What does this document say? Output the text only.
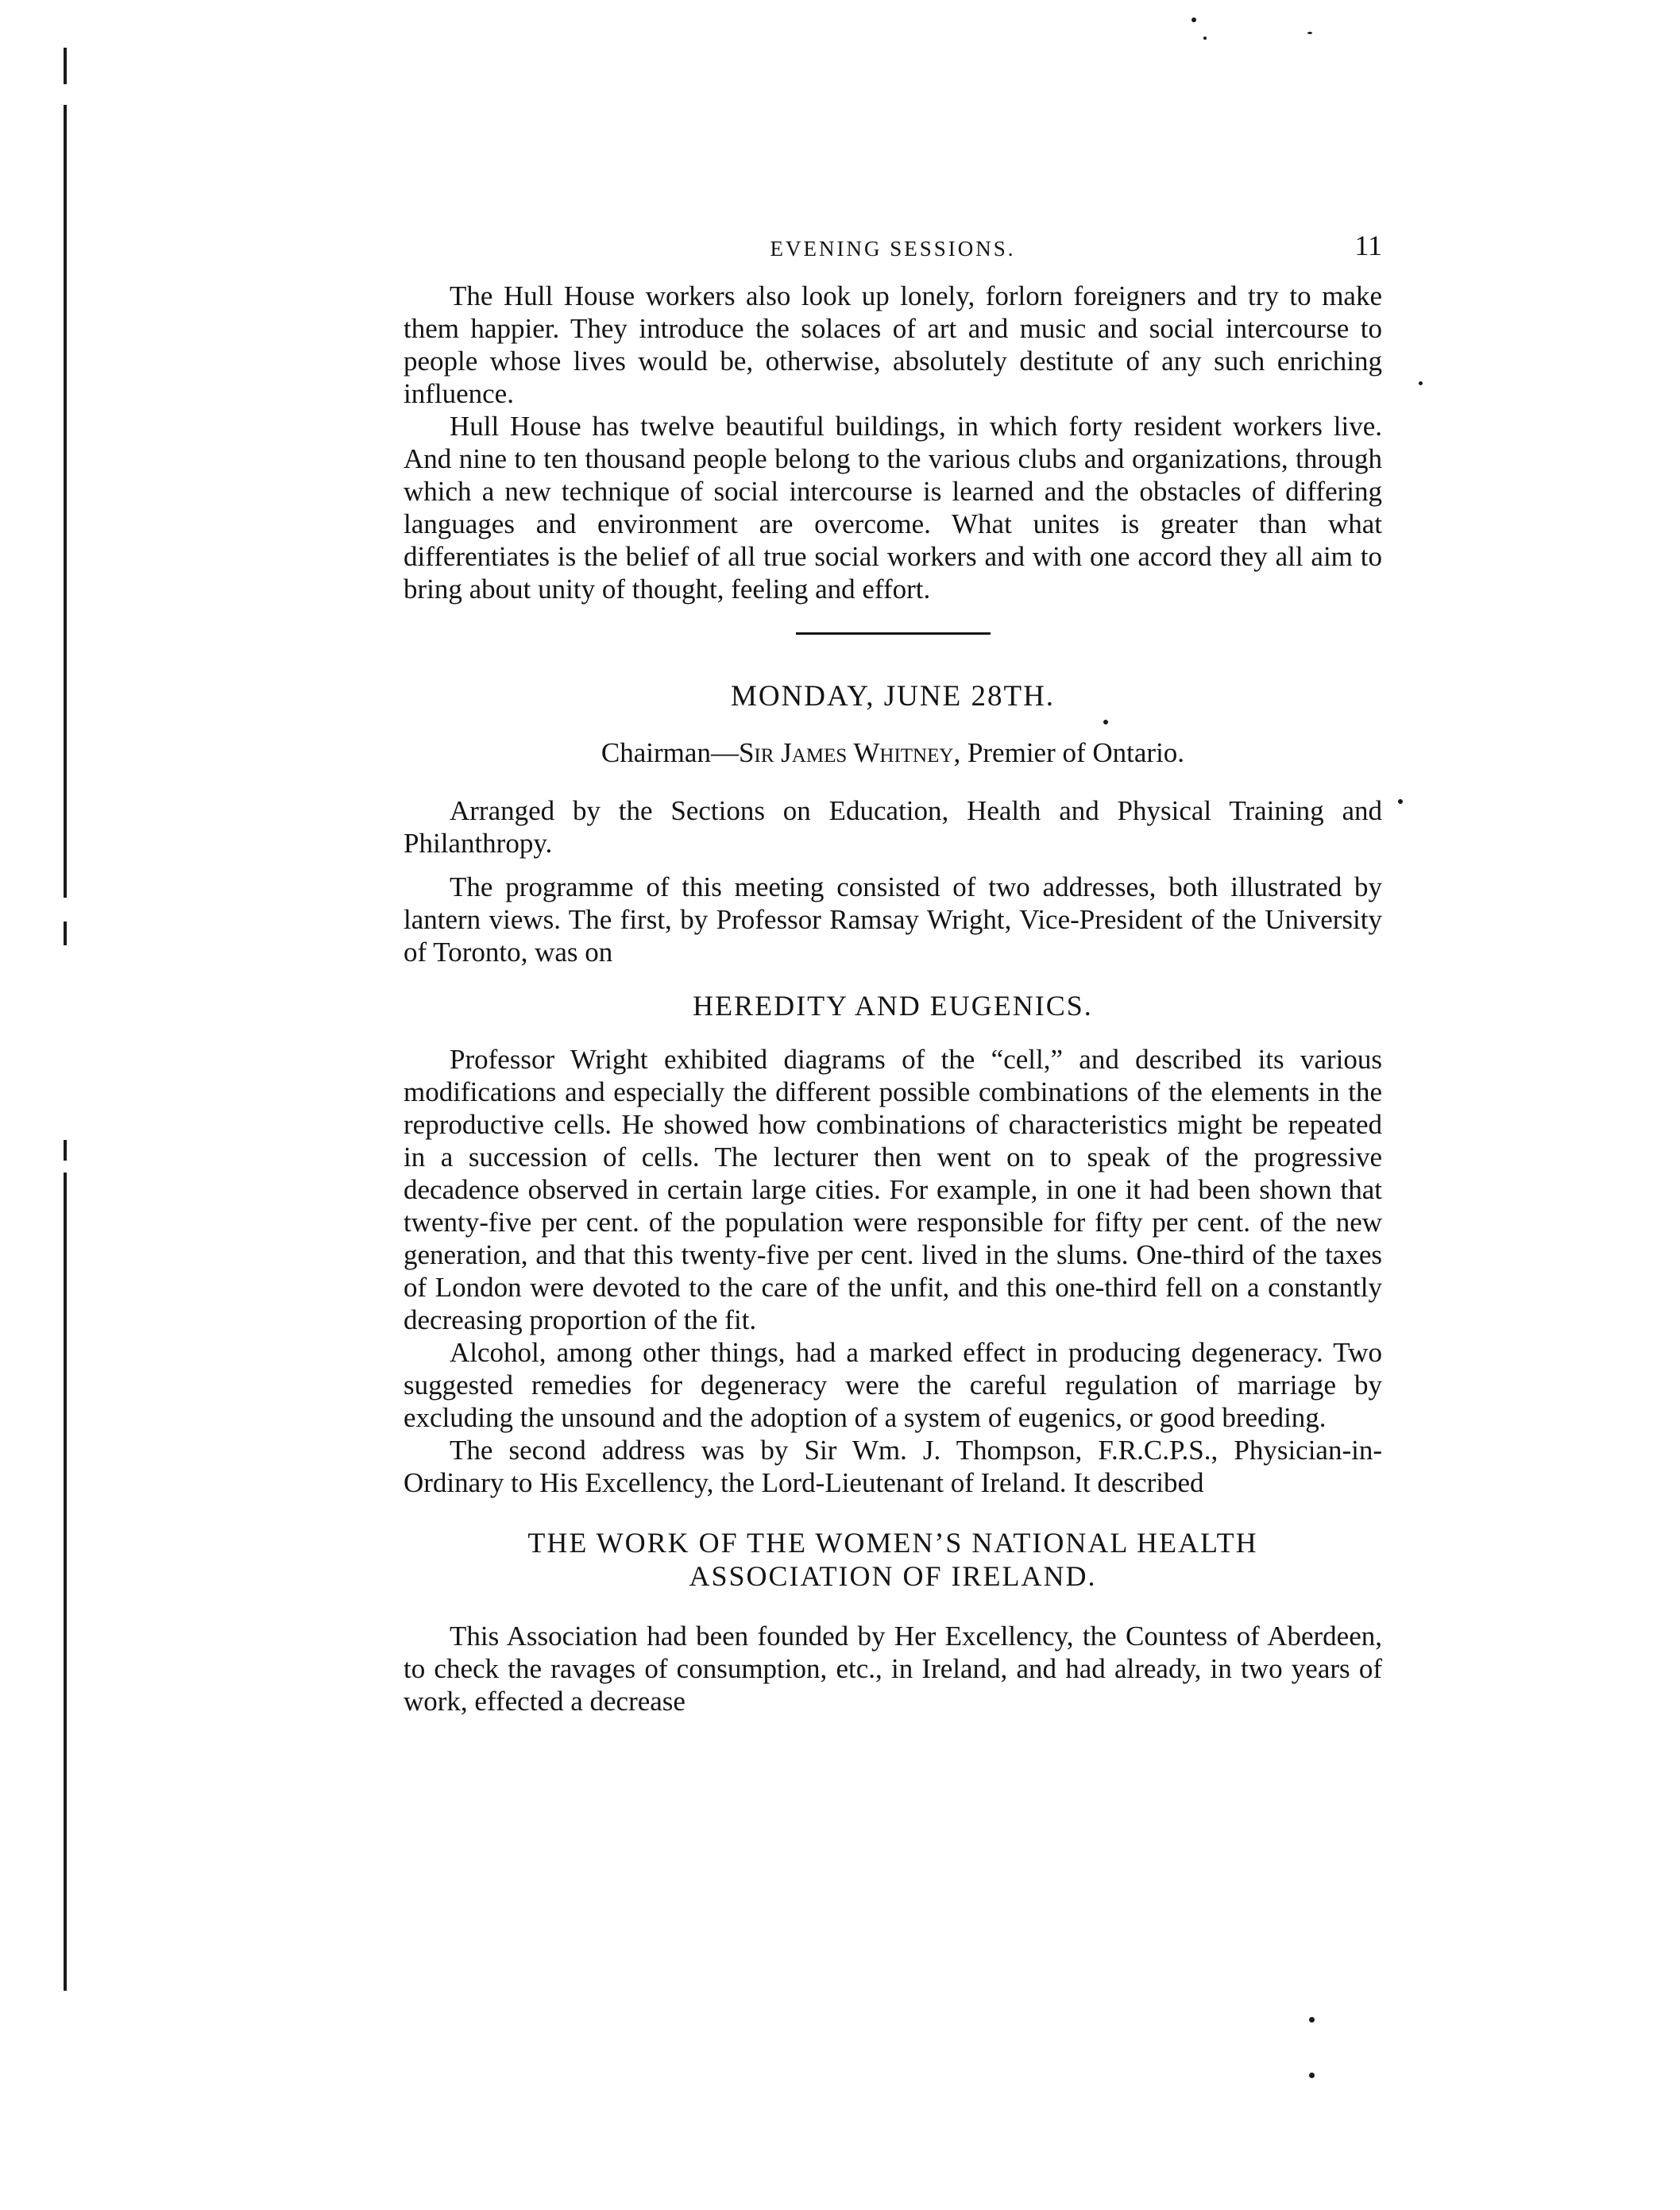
EVENING SESSIONS.	11

The Hull House workers also look up lonely, forlorn foreigners and try to make them happier. They introduce the solaces of art and music and social intercourse to people whose lives would be, otherwise, absolutely destitute of any such enriching influence.

Hull House has twelve beautiful buildings, in which forty resident workers live. And nine to ten thousand people belong to the various clubs and organizations, through which a new technique of social intercourse is learned and the obstacles of differing languages and environment are overcome. What unites is greater than what differentiates is the belief of all true social workers and with one accord they all aim to bring about unity of thought, feeling and effort.

MONDAY, JUNE 28TH.
Chairman—Sir James Whitney, Premier of Ontario.

Arranged by the Sections on Education, Health and Physical Training and Philanthropy.

The programme of this meeting consisted of two addresses, both illustrated by lantern views. The first, by Professor Ramsay Wright, Vice-President of the University of Toronto, was on

HEREDITY AND EUGENICS.

Professor Wright exhibited diagrams of the “cell,” and described its various modifications and especially the different possible combinations of the elements in the reproductive cells. He showed how combinations of characteristics might be repeated in a succession of cells. The lecturer then went on to speak of the progressive decadence observed in certain large cities. For example, in one it had been shown that twenty-five per cent. of the population were responsible for fifty per cent. of the new generation, and that this twenty-five per cent. lived in the slums. One-third of the taxes of London were devoted to the care of the unfit, and this one-third fell on a constantly decreasing proportion of the fit.

Alcohol, among other things, had a marked effect in producing degeneracy. Two suggested remedies for degeneracy were the careful regulation of marriage by excluding the unsound and the adoption of a system of eugenics, or good breeding.

The second address was by Sir Wm. J. Thompson, F.R.C.P.S., Physician-in-Ordinary to His Excellency, the Lord-Lieutenant of Ireland. It described

THE WORK OF THE WOMEN’S NATIONAL HEALTH
ASSOCIATION OF IRELAND.

This Association had been founded by Her Excellency, the Countess of Aberdeen, to check the ravages of consumption, etc., in Ireland, and had already, in two years of work, effected a decrease
